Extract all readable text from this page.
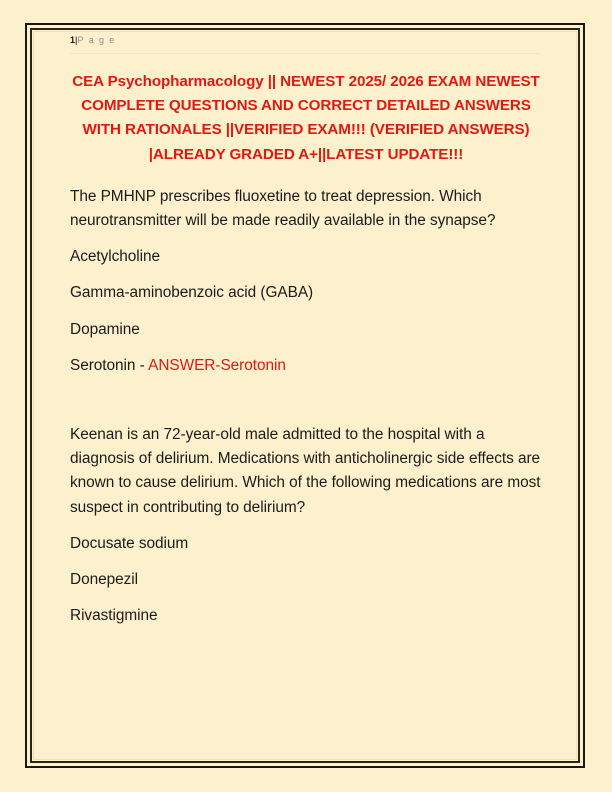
1|P a g e

CEA Psychopharmacology || NEWEST 2025/ 2026 EXAM NEWEST COMPLETE QUESTIONS AND CORRECT DETAILED ANSWERS WITH RATIONALES ||VERIFIED EXAM!!! (VERIFIED ANSWERS) |ALREADY GRADED A+||LATEST UPDATE!!!

The PMHNP prescribes fluoxetine to treat depression. Which neurotransmitter will be made readily available in the synapse?

Acetylcholine

Gamma-aminobenzoic acid (GABA)

Dopamine

Serotonin - ANSWER-Serotonin

Keenan is an 72-year-old male admitted to the hospital with a diagnosis of delirium. Medications with anticholinergic side effects are known to cause delirium. Which of the following medications are most suspect in contributing to delirium?

Docusate sodium

Donepezil

Rivastigmine
